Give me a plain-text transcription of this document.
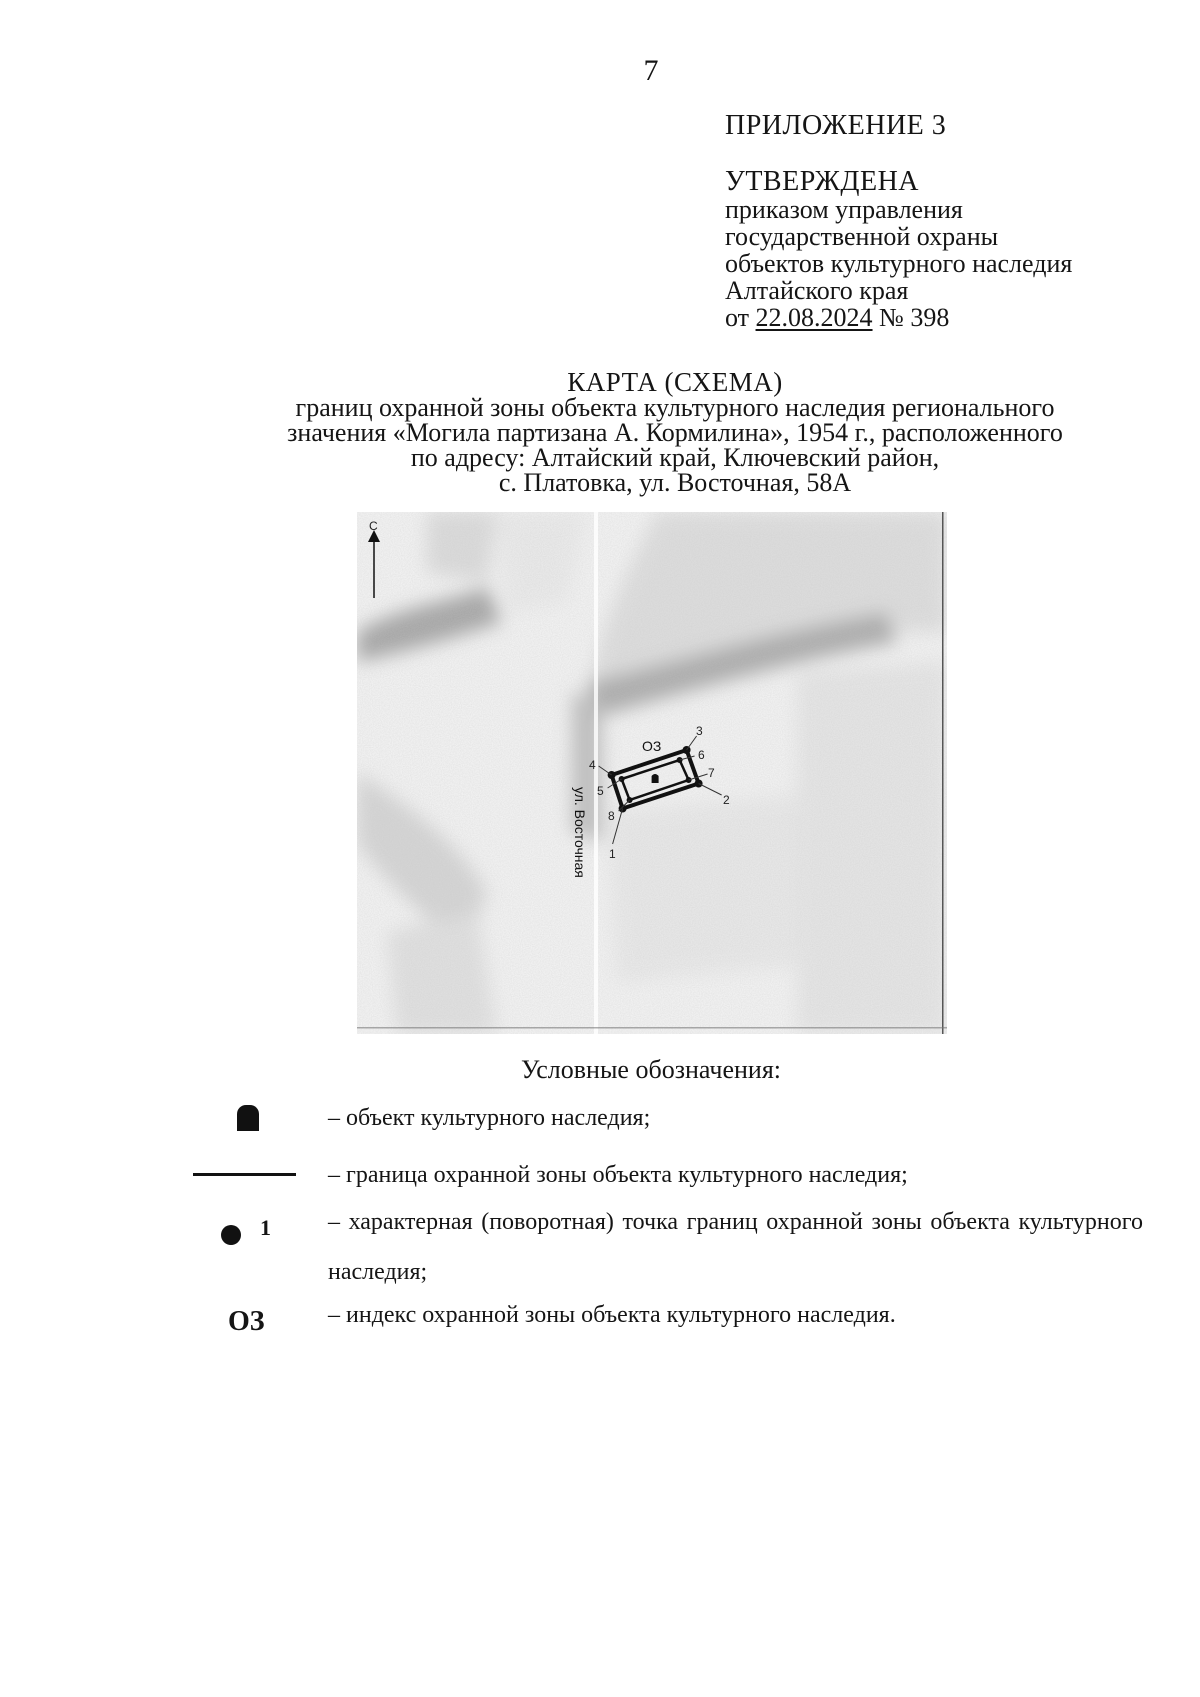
7
ПРИЛОЖЕНИЕ 3
УТВЕРЖДЕНА
приказом управления
государственной охраны
объектов культурного наследия
Алтайского края
от 22.08.2024 № 398
КАРТА (СХЕМА)
границ охранной зоны объекта культурного наследия регионального
значения «Могила партизана А. Кормилина», 1954 г., расположенного
по адресу: Алтайский край, Ключевский район,
с. Платовка, ул. Восточная, 58А
С
ул. Восточная
ОЗ
1
2
3
4
5
6
7
8
Условные обозначения:
– объект культурного наследия;
– граница охранной зоны объекта культурного наследия;
1 – характерная (поворотная) точка границ охранной зоны объекта культурного наследия;
ОЗ	– индекс охранной зоны объекта культурного наследия.
